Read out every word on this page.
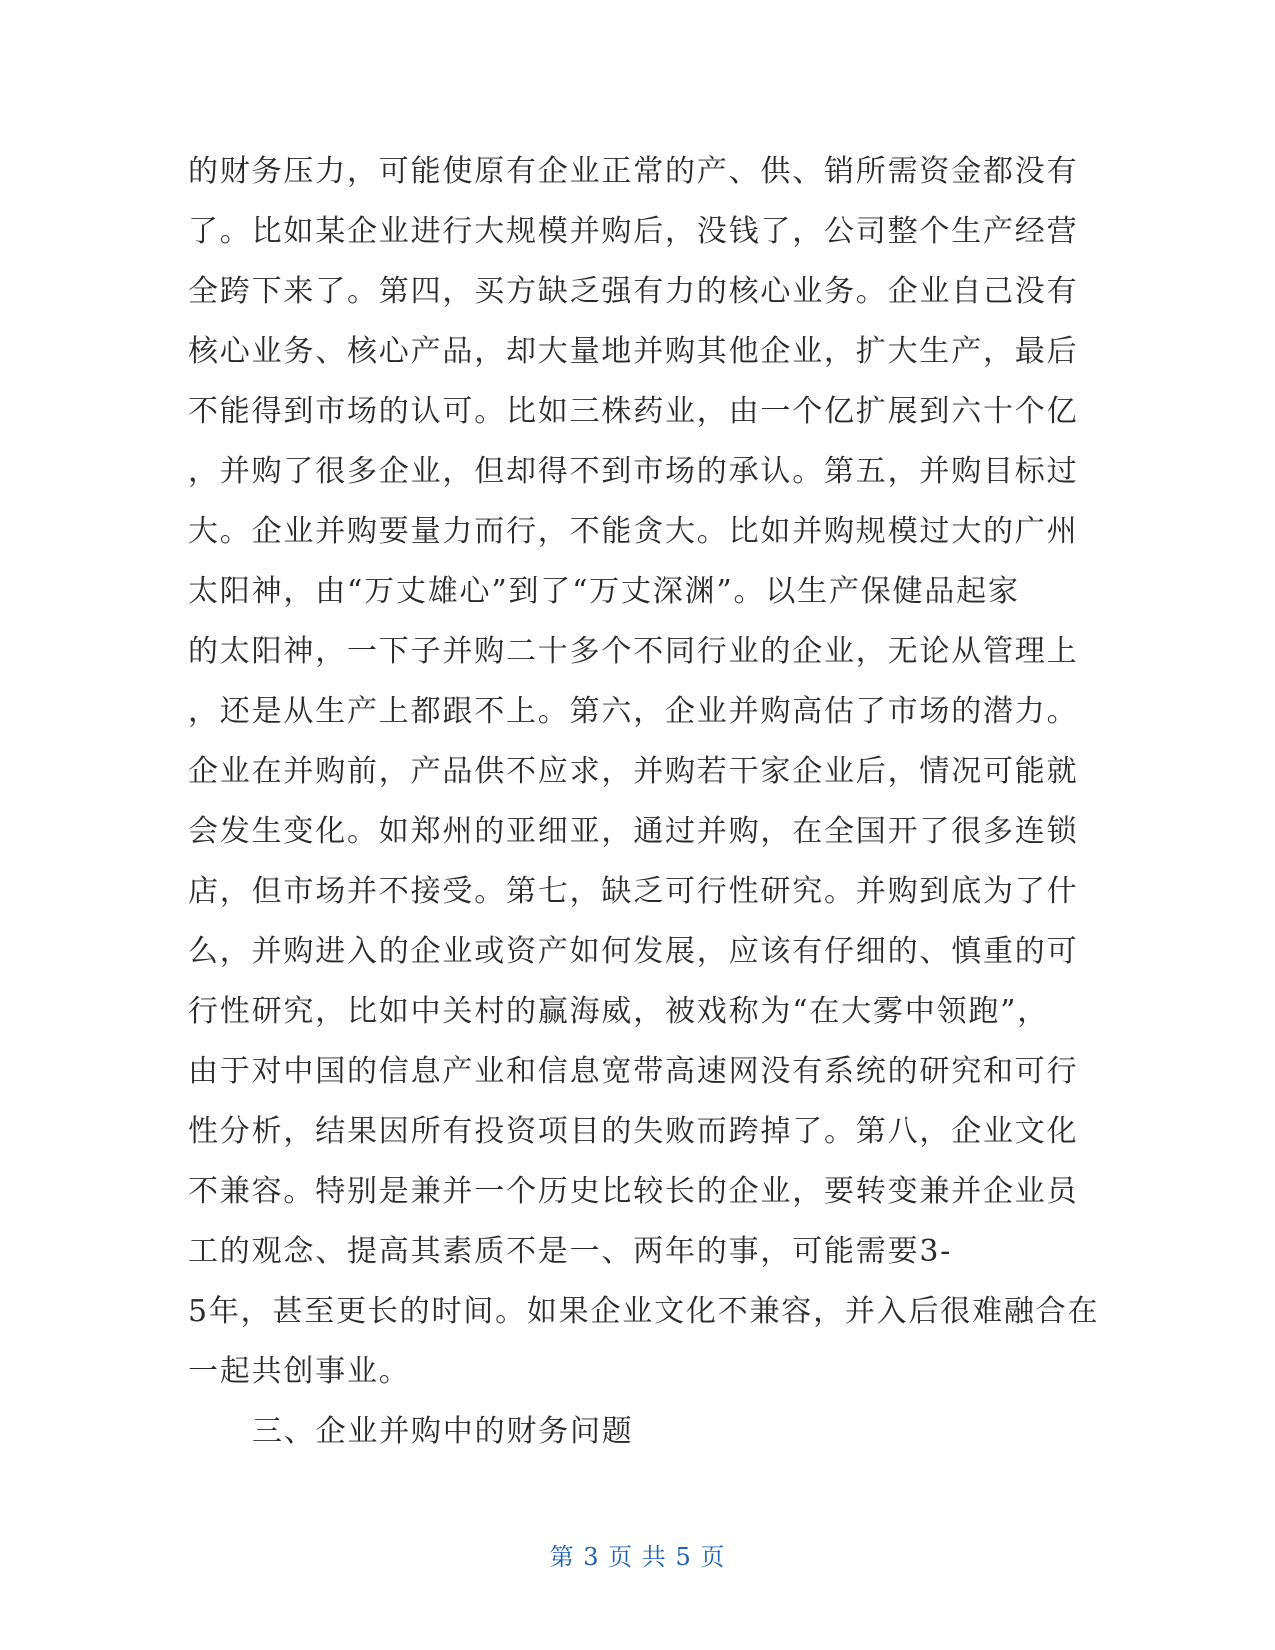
的财务压力，可能使原有企业正常的产、供、销所需资金都没有
了。比如某企业进行大规模并购后，没钱了，公司整个生产经营
全跨下来了。第四，买方缺乏强有力的核心业务。企业自己没有
核心业务、核心产品，却大量地并购其他企业，扩大生产，最后
不能得到市场的认可。比如三株药业，由一个亿扩展到六十个亿
，并购了很多企业，但却得不到市场的承认。第五，并购目标过
大。企业并购要量力而行，不能贪大。比如并购规模过大的广州
太阳神，由“万丈雄心”到了“万丈深渊”。以生产保健品起家
的太阳神，一下子并购二十多个不同行业的企业，无论从管理上
，还是从生产上都跟不上。第六，企业并购高估了市场的潜力。
企业在并购前，产品供不应求，并购若干家企业后，情况可能就
会发生变化。如郑州的亚细亚，通过并购，在全国开了很多连锁
店，但市场并不接受。第七，缺乏可行性研究。并购到底为了什
么，并购进入的企业或资产如何发展，应该有仔细的、慎重的可
行性研究，比如中关村的赢海威，被戏称为“在大雾中领跑”，
由于对中国的信息产业和信息宽带高速网没有系统的研究和可行
性分析，结果因所有投资项目的失败而跨掉了。第八，企业文化
不兼容。特别是兼并一个历史比较长的企业，要转变兼并企业员
工的观念、提高其素质不是一、两年的事，可能需要3-
5年，甚至更长的时间。如果企业文化不兼容，并入后很难融合在
一起共创事业。
三、企业并购中的财务问题
第 3 页 共 5 页
